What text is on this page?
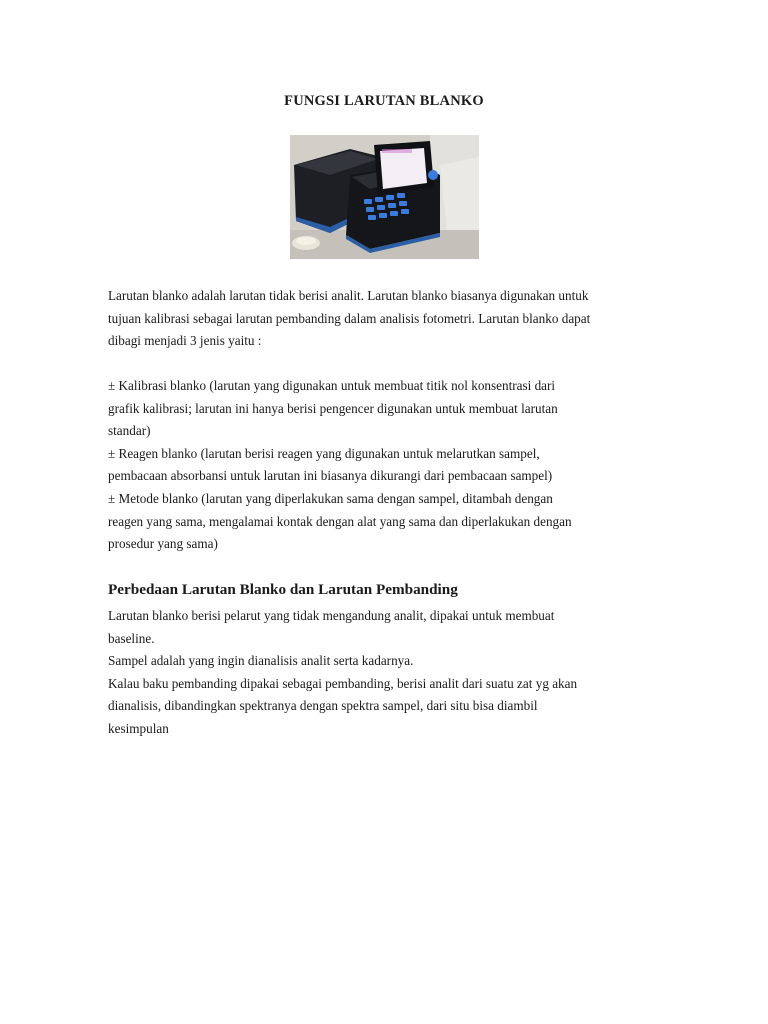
FUNGSI LARUTAN BLANKO

Larutan blanko adalah larutan tidak berisi analit. Larutan blanko biasanya digunakan untuk

tujuan kalibrasi sebagai larutan pembanding dalam analisis fotometri. Larutan blanko dapat

dibagi menjadi 3 jenis yaitu :

± Kalibrasi blanko (larutan yang digunakan untuk membuat titik nol konsentrasi dari

grafik kalibrasi; larutan ini hanya berisi pengencer digunakan untuk membuat larutan

standar)

± Reagen blanko (larutan berisi reagen yang digunakan untuk melarutkan sampel,

pembacaan absorbansi untuk larutan ini biasanya dikurangi dari pembacaan sampel)

± Metode blanko (larutan yang diperlakukan sama dengan sampel, ditambah dengan

reagen yang sama, mengalamai kontak dengan alat yang sama dan diperlakukan dengan

prosedur yang sama)

Perbedaan Larutan Blanko dan Larutan Pembanding

Larutan blanko berisi pelarut yang tidak mengandung analit, dipakai untuk membuat

baseline.

Sampel adalah yang ingin dianalisis analit serta kadarnya.

Kalau baku pembanding dipakai sebagai pembanding, berisi analit dari suatu zat yg akan

dianalisis, dibandingkan spektranya dengan spektra sampel, dari situ bisa diambil

kesimpulan
